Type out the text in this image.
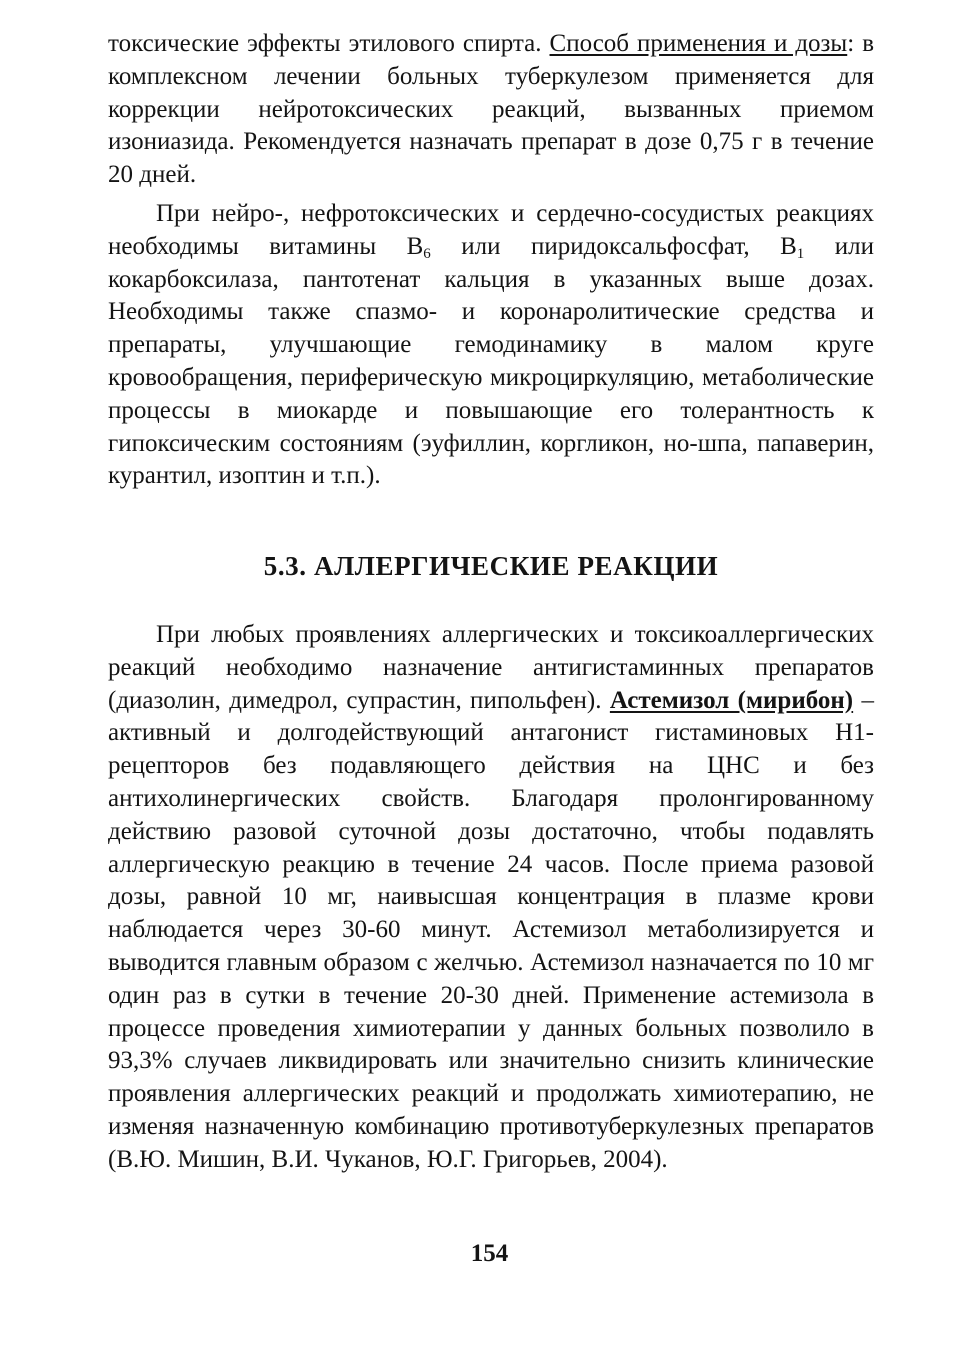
токсические эффекты этилового спирта. Способ применения и дозы: в комплексном лечении больных туберкулезом применяется для коррекции нейротоксических реакций, вызванных приемом изониазида. Рекомендуется назначать препарат в дозе 0,75 г в течение 20 дней.

При нейро-, нефротоксических и сердечно-сосудистых реакциях необходимы витамины $В_6$ или пиридоксальфосфат, $В_1$ или кокарбоксилаза, пантотенат кальция в указанных выше дозах. Необходимы также спазмо- и коронаролитические средства и препараты, улучшающие гемодинамику в малом круге кровообращения, периферическую микроциркуляцию, метаболические процессы в миокарде и повышающие его толерантность к гипоксическим состояниям (эуфиллин, коргликон, но-шпа, папаверин, курантил, изоптин и т.п.).

5.3. АЛЛЕРГИЧЕСКИЕ РЕАКЦИИ

При любых проявлениях аллергических и токсикоаллергических реакций необходимо назначение антигистаминных препаратов (диазолин, димедрол, супрастин, пипольфен). Астемизол (мирибон) – активный и долгодействующий антагонист гистаминовых Н1-рецепторов без подавляющего действия на ЦНС и без антихолинергических свойств. Благодаря пролонгированному действию разовой суточной дозы достаточно, чтобы подавлять аллергическую реакцию в течение 24 часов. После приема разовой дозы, равной 10 мг, наивысшая концентрация в плазме крови наблюдается через 30-60 минут. Астемизол метаболизируется и выводится главным образом с желчью. Астемизол назначается по 10 мг один раз в сутки в течение 20-30 дней. Применение астемизола в процессе проведения химиотерапии у данных больных позволило в 93,3% случаев ликвидировать или значительно снизить клинические проявления аллергических реакций и продолжать химиотерапию, не изменяя назначенную комбинацию противотуберкулезных препаратов (В.Ю. Мишин, В.И. Чуканов, Ю.Г. Григорьев, 2004).

154
